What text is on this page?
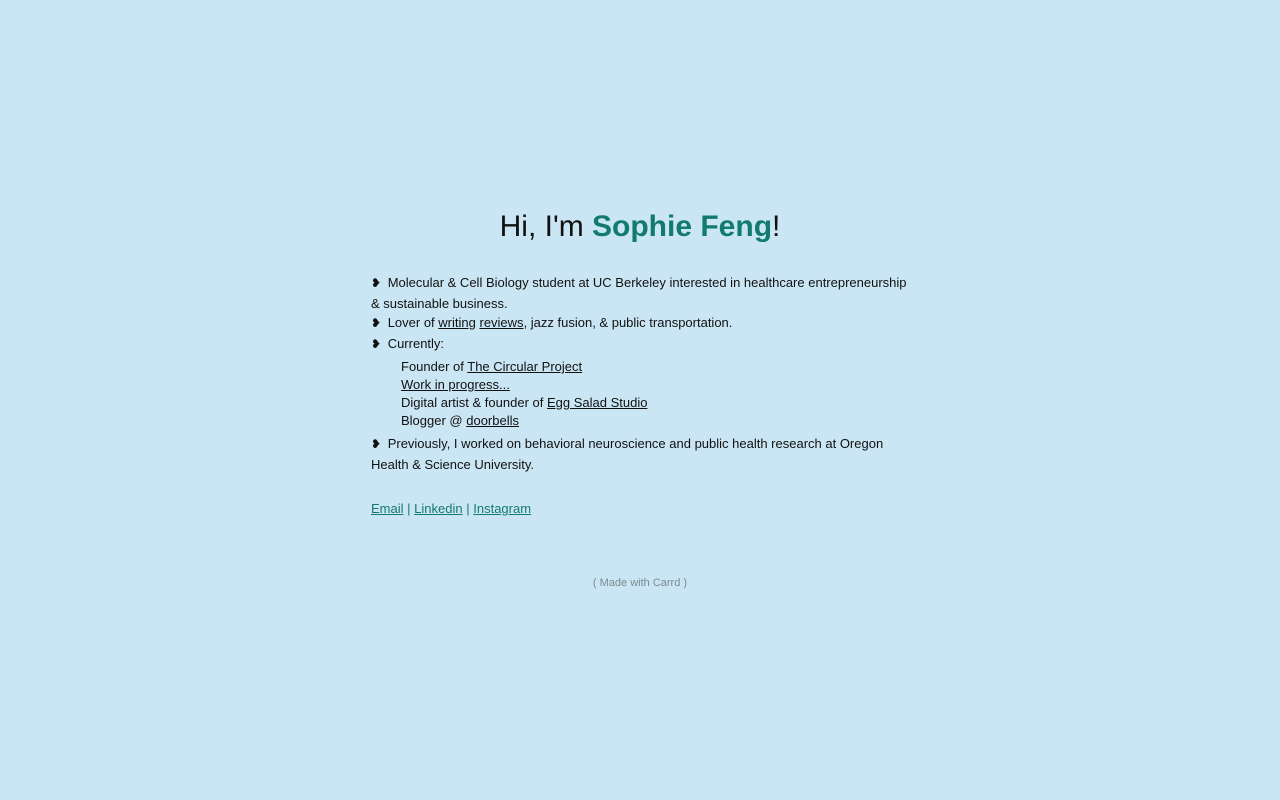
Hi, I'm Sophie Feng!

❥ Molecular & Cell Biology student at UC Berkeley interested in healthcare entrepreneurship & sustainable business.

❥ Lover of writing reviews, jazz fusion, & public transportation.

❥ Currently:

Founder of The Circular Project
Work in progress...
Digital artist & founder of Egg Salad Studio
Blogger @ doorbells

❥ Previously, I worked on behavioral neuroscience and public health research at Oregon Health & Science University.

Email | Linkedin | Instagram
( Made with Carrd )
